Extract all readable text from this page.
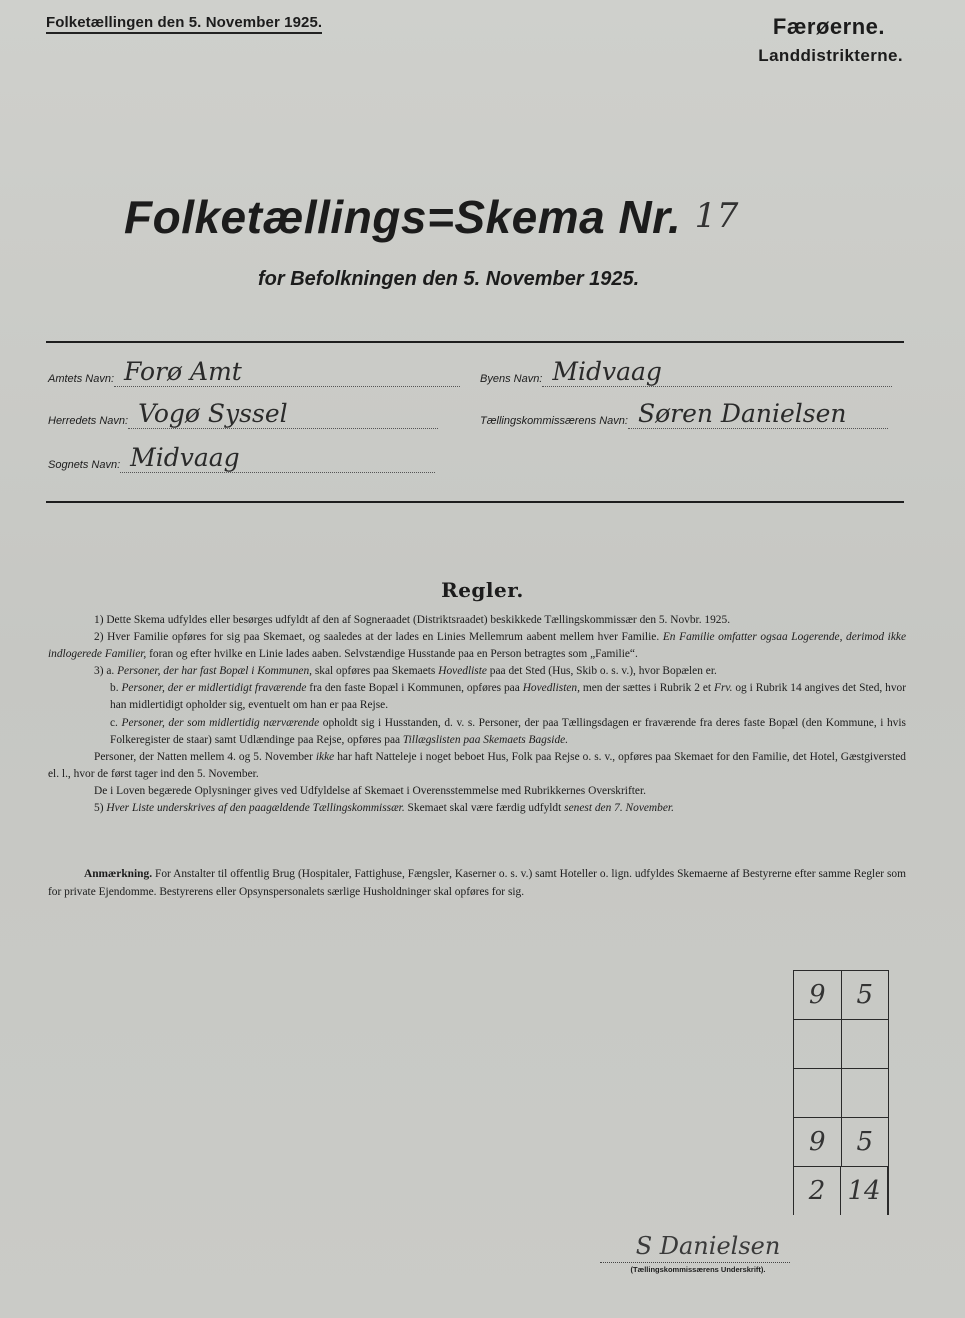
Folketællingen den 5. November 1925.	Færøerne.
Landdistrikterne.
Folketællings=Skema Nr. 17
for Befolkningen den 5. November 1925.
Amtets Navn: Forø Amt	Byens Navn: Midvaag
Herredets Navn: Vogø Syssel	Tællingskommissærens Navn: Søren Danielsen
Sognets Navn: Midvaag
Regler.

1) Dette Skema udfyldes eller besørges udfyldt af den af Sogneraadet (Distriktsraadet) beskikkede Tællingskommissær den 5. Novbr. 1925.

2) Hver Familie opføres for sig paa Skemaet, og saaledes at der lades en Linies Mellemrum aabent mellem hver Familie. En Familie omfatter ogsaa Logerende, derimod ikke indlogerede Familier, foran og efter hvilke en Linie lades aaben. Selvstændige Husstande paa en Person betragtes som „Familie“.

3) a. Personer, der har fast Bopæl i Kommunen, skal opføres paa Skemaets Hovedliste paa det Sted (Hus, Skib o. s. v.), hvor Bopælen er.

b. Personer, der er midlertidigt fraværende fra den faste Bopæl i Kommunen, opføres paa Hovedlisten, men der sættes i Rubrik 2 et Frv. og i Rubrik 14 angives det Sted, hvor han midlertidigt opholder sig, eventuelt om han er paa Rejse.

c. Personer, der som midlertidig nærværende opholdt sig i Husstanden, d. v. s. Personer, der paa Tællingsdagen er fraværende fra deres faste Bopæl (den Kommune, i hvis Folkeregister de staar) samt Udlændinge paa Rejse, opføres paa Tillægslisten paa Skemaets Bagside.

Personer, der Natten mellem 4. og 5. November ikke har haft Natteleje i noget beboet Hus, Folk paa Rejse o. s. v., opføres paa Skemaet for den Familie, det Hotel, Gæstgiversted el. l., hvor de først tager ind den 5. November.

De i Loven begærede Oplysninger gives ved Udfyldelse af Skemaet i Overensstemmelse med Rubrikkernes Overskrifter.

5) Hver Liste underskrives af den paagældende Tællingskommissær. Skemaet skal være færdig udfyldt senest den 7. November.

Anmærkning. For Anstalter til offentlig Brug (Hospitaler, Fattighuse, Fængsler, Kaserner o. s. v.) samt Hoteller o. lign. udfyldes Skemaerne af Bestyrerne efter samme Regler som for private Ejendomme. Bestyrerens eller Opsynspersonalets særlige Husholdninger skal opføres for sig.

9	5
9	5
2 14
S Danielsen
(Tællingskommissærens Underskrift).
